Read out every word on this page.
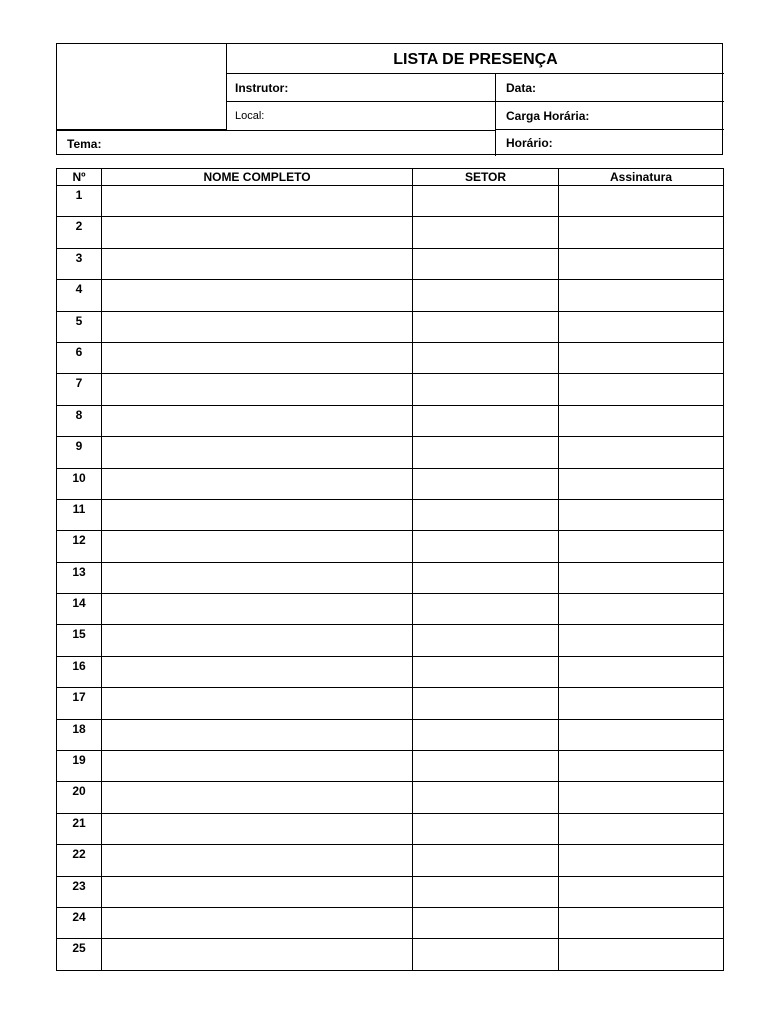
LISTA DE PRESENÇA
Instrutor:	Data:
Local:	Carga Horária:
Tema:	Horário:
Nº	NOME COMPLETO	SETOR	Assinatura
1			
2			
3			
4			
5			
6			
7			
8			
9			
10			
11			
12			
13			
14			
15			
16			
17			
18			
19			
20			
21			
22			
23			
24			
25			
